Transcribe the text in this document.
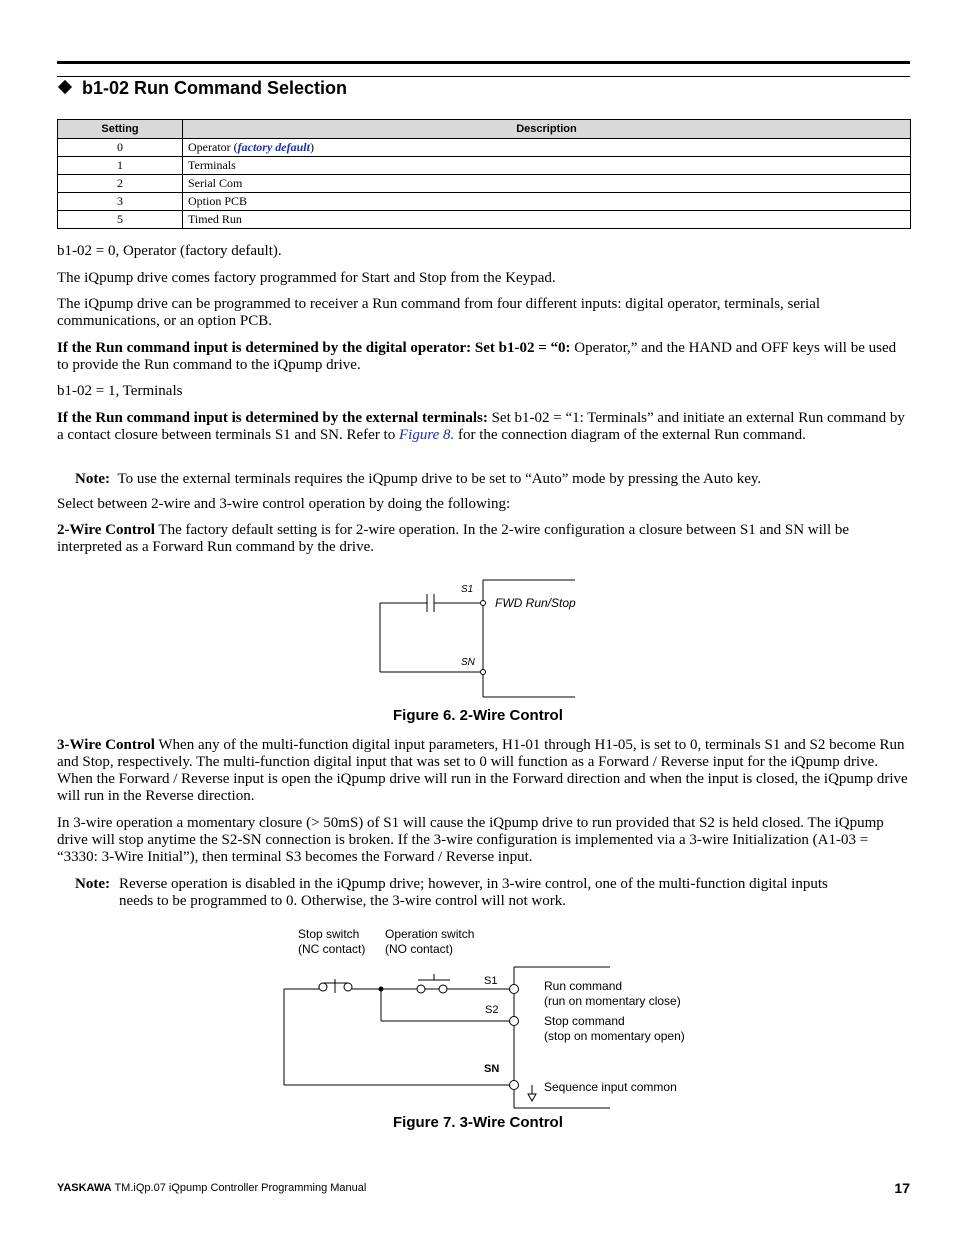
b1-02 Run Command Selection
Setting	Description
0	Operator (factory default)
1	Terminals
2	Serial Com
3	Option PCB
5	Timed Run
b1-02 = 0, Operator (factory default).
The iQpump drive comes factory programmed for Start and Stop from the Keypad.
The iQpump drive can be programmed to receiver a Run command from four different inputs: digital operator, terminals, serial communications, or an option PCB.
If the Run command input is determined by the digital operator: Set b1-02 = “0: Operator,” and the HAND and OFF keys will be used to provide the Run command to the iQpump drive.
b1-02 = 1, Terminals
If the Run command input is determined by the external terminals: Set b1-02 = “1: Terminals” and initiate an external Run command by a contact closure between terminals S1 and SN. Refer to Figure 8. for the connection diagram of the external Run command.
Note: To use the external terminals requires the iQpump drive to be set to “Auto” mode by pressing the Auto key.
Select between 2-wire and 3-wire control operation by doing the following:
2-Wire Control The factory default setting is for 2-wire operation. In the 2-wire configuration a closure between S1 and SN will be interpreted as a Forward Run command by the drive.
S1
SN
FWD Run/Stop
Figure 6. 2-Wire Control
3-Wire Control When any of the multi-function digital input parameters, H1-01 through H1-05, is set to 0, terminals S1 and S2 become Run and Stop, respectively. The multi-function digital input that was set to 0 will function as a Forward / Reverse input for the iQpump drive. When the Forward / Reverse input is open the iQpump drive will run in the Forward direction and when the input is closed, the iQpump drive will run in the Reverse direction.
In 3-wire operation a momentary closure (> 50mS) of S1 will cause the iQpump drive to run provided that S2 is held closed. The iQpump drive will stop anytime the S2-SN connection is broken. If the 3-wire configuration is implemented via a 3-wire Initialization (A1-03 = “3330: 3-Wire Initial”), then terminal S3 becomes the Forward / Reverse input.
Note: Reverse operation is disabled in the iQpump drive; however, in 3-wire control, one of the multi-function digital inputs needs to be programmed to 0. Otherwise, the 3-wire control will not work.
Stop switch
(NC contact)
Operation switch
(NO contact)
S1
S2
SN
Run command
(run on momentary close)
Stop command
(stop on momentary open)
Sequence input common
Figure 7. 3-Wire Control
YASKAWA TM.iQp.07 iQpump Controller Programming Manual	17
